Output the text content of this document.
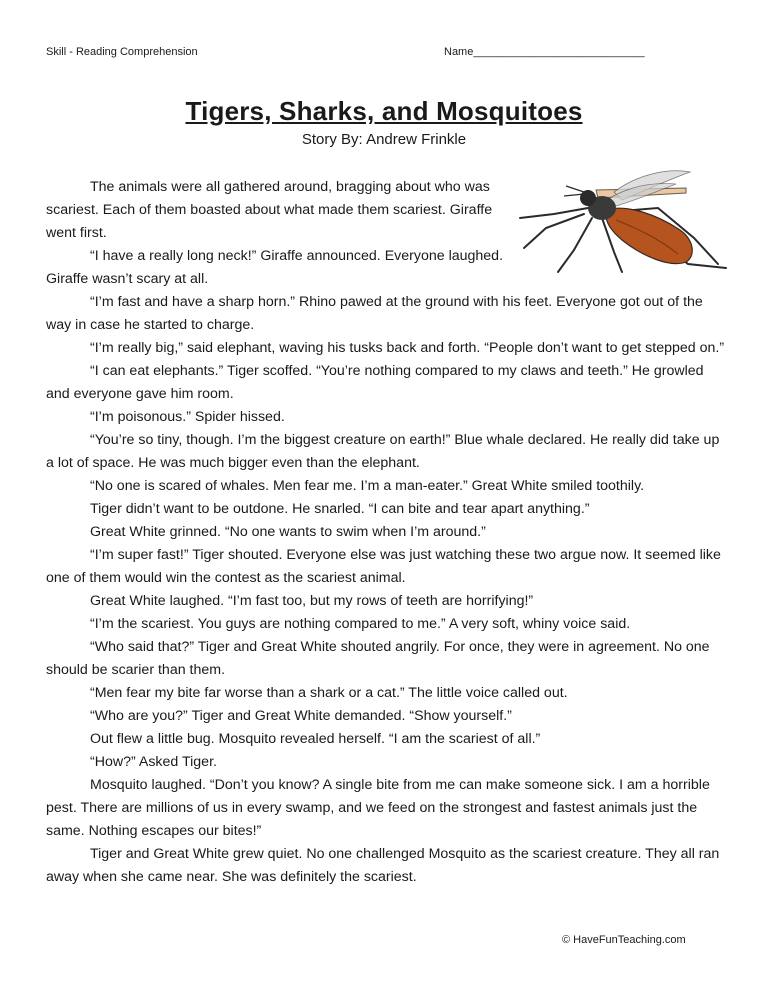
Skill - Reading Comprehension	Name____________________________
Tigers, Sharks, and Mosquitoes
Story By: Andrew Frinkle

The animals were all gathered around, bragging about who was scariest. Each of them boasted about what made them scariest. Giraffe went first.

“I have a really long neck!” Giraffe announced. Everyone laughed. Giraffe wasn’t scary at all.

“I’m fast and have a sharp horn.” Rhino pawed at the ground with his feet. Everyone got out of the way in case he started to charge.

“I’m really big,” said elephant, waving his tusks back and forth. “People don’t want to get stepped on.”

“I can eat elephants.” Tiger scoffed. “You’re nothing compared to my claws and teeth.” He growled and everyone gave him room.

“I’m poisonous.” Spider hissed.

“You’re so tiny, though. I’m the biggest creature on earth!” Blue whale declared. He really did take up a lot of space. He was much bigger even than the elephant.

“No one is scared of whales. Men fear me. I’m a man-eater.” Great White smiled toothily.

Tiger didn’t want to be outdone. He snarled. “I can bite and tear apart anything.”

Great White grinned. “No one wants to swim when I’m around.”

“I’m super fast!” Tiger shouted. Everyone else was just watching these two argue now. It seemed like one of them would win the contest as the scariest animal.

Great White laughed. “I’m fast too, but my rows of teeth are horrifying!”

“I’m the scariest. You guys are nothing compared to me.” A very soft, whiny voice said.

“Who said that?” Tiger and Great White shouted angrily. For once, they were in agreement. No one should be scarier than them.

“Men fear my bite far worse than a shark or a cat.” The little voice called out.

“Who are you?” Tiger and Great White demanded. “Show yourself.”

Out flew a little bug. Mosquito revealed herself. “I am the scariest of all.”

“How?” Asked Tiger.

Mosquito laughed. “Don’t you know? A single bite from me can make someone sick. I am a horrible pest. There are millions of us in every swamp, and we feed on the strongest and fastest animals just the same. Nothing escapes our bites!”

Tiger and Great White grew quiet. No one challenged Mosquito as the scariest creature. They all ran away when she came near. She was definitely the scariest.

© HaveFunTeaching.com
